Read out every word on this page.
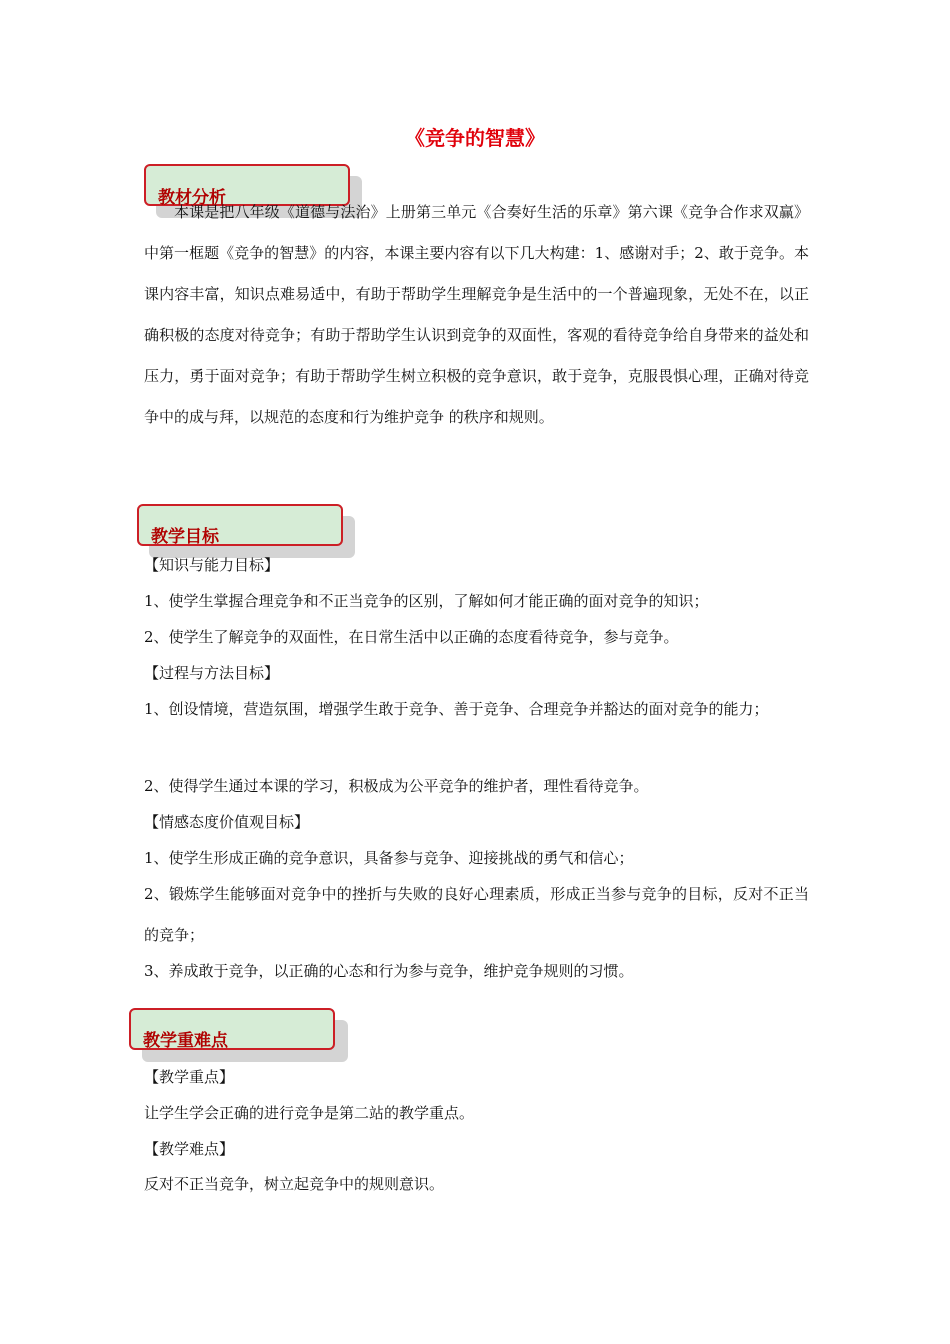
《竞争的智慧》
教材分析

本课是把八年级《道德与法治》上册第三单元《合奏好生活的乐章》第六课《竞争合作求双赢》中第一框题《竞争的智慧》的内容，本课主要内容有以下几大构建：1、感谢对手；2、敢于竞争。本课内容丰富，知识点难易适中，有助于帮助学生理解竞争是生活中的一个普遍现象，无处不在，以正确积极的态度对待竞争；有助于帮助学生认识到竞争的双面性，客观的看待竞争给自身带来的益处和压力，勇于面对竞争；有助于帮助学生树立积极的竞争意识，敢于竞争，克服畏惧心理，正确对待竞争中的成与拜，以规范的态度和行为维护竞争 的秩序和规则。

教学目标

【知识与能力目标】

1、使学生掌握合理竞争和不正当竞争的区别，了解如何才能正确的面对竞争的知识；

2、使学生了解竞争的双面性，在日常生活中以正确的态度看待竞争，参与竞争。

【过程与方法目标】

1、创设情境，营造氛围，增强学生敢于竞争、善于竞争、合理竞争并豁达的面对竞争的能力；

2、使得学生通过本课的学习，积极成为公平竞争的维护者，理性看待竞争。

【情感态度价值观目标】

1、使学生形成正确的竞争意识，具备参与竞争、迎接挑战的勇气和信心；

2、锻炼学生能够面对竞争中的挫折与失败的良好心理素质，形成正当参与竞争的目标，反对不正当的竞争；

3、养成敢于竞争，以正确的心态和行为参与竞争，维护竞争规则的习惯。

教学重难点

【教学重点】

让学生学会正确的进行竞争是第二站的教学重点。

【教学难点】

反对不正当竞争，树立起竞争中的规则意识。
